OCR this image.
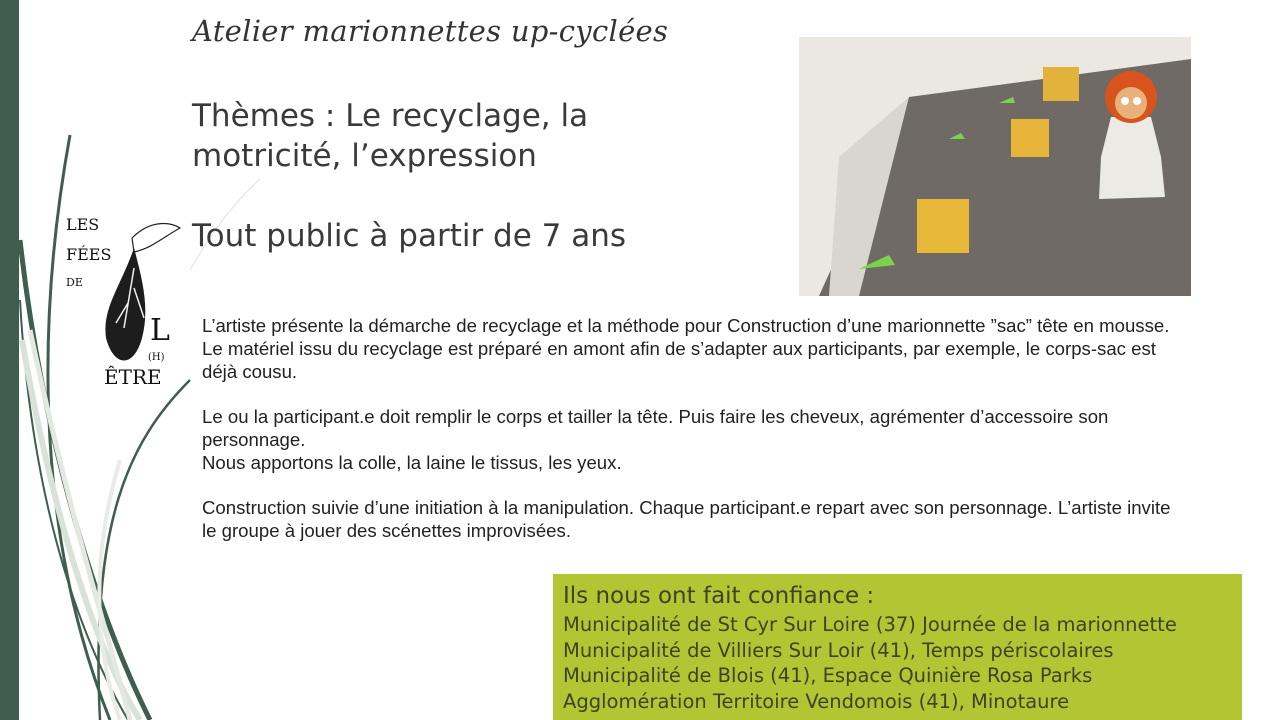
Atelier marionnettes up-cyclées
Thèmes : Le recyclage, la
motricité, l’expression
Tout public à partir de 7 ans
LES
FÉES
DE
L
(H)
ÊTRE

L’artiste présente la démarche de recyclage et la méthode pour Construction d’une marionnette ”sac” tête en mousse.

Le matériel issu du recyclage est préparé en amont afin de s’adapter aux participants, par exemple, le corps-sac est déjà cousu.

Le ou la participant.e doit remplir le corps et tailler la tête. Puis faire les cheveux, agrémenter d’accessoire son personnage.

Nous apportons la colle, la laine le tissus, les yeux.

Construction suivie d’une initiation à la manipulation. Chaque participant.e repart avec son personnage. L’artiste invite le groupe à jouer des scénettes improvisées.

Ils nous ont fait confiance :
Municipalité de St Cyr Sur Loire (37) Journée de la marionnette
Municipalité de Villiers Sur Loir (41), Temps périscolaires
Municipalité de Blois (41), Espace Quinière Rosa Parks
Agglomération Territoire Vendomois (41), Minotaure
